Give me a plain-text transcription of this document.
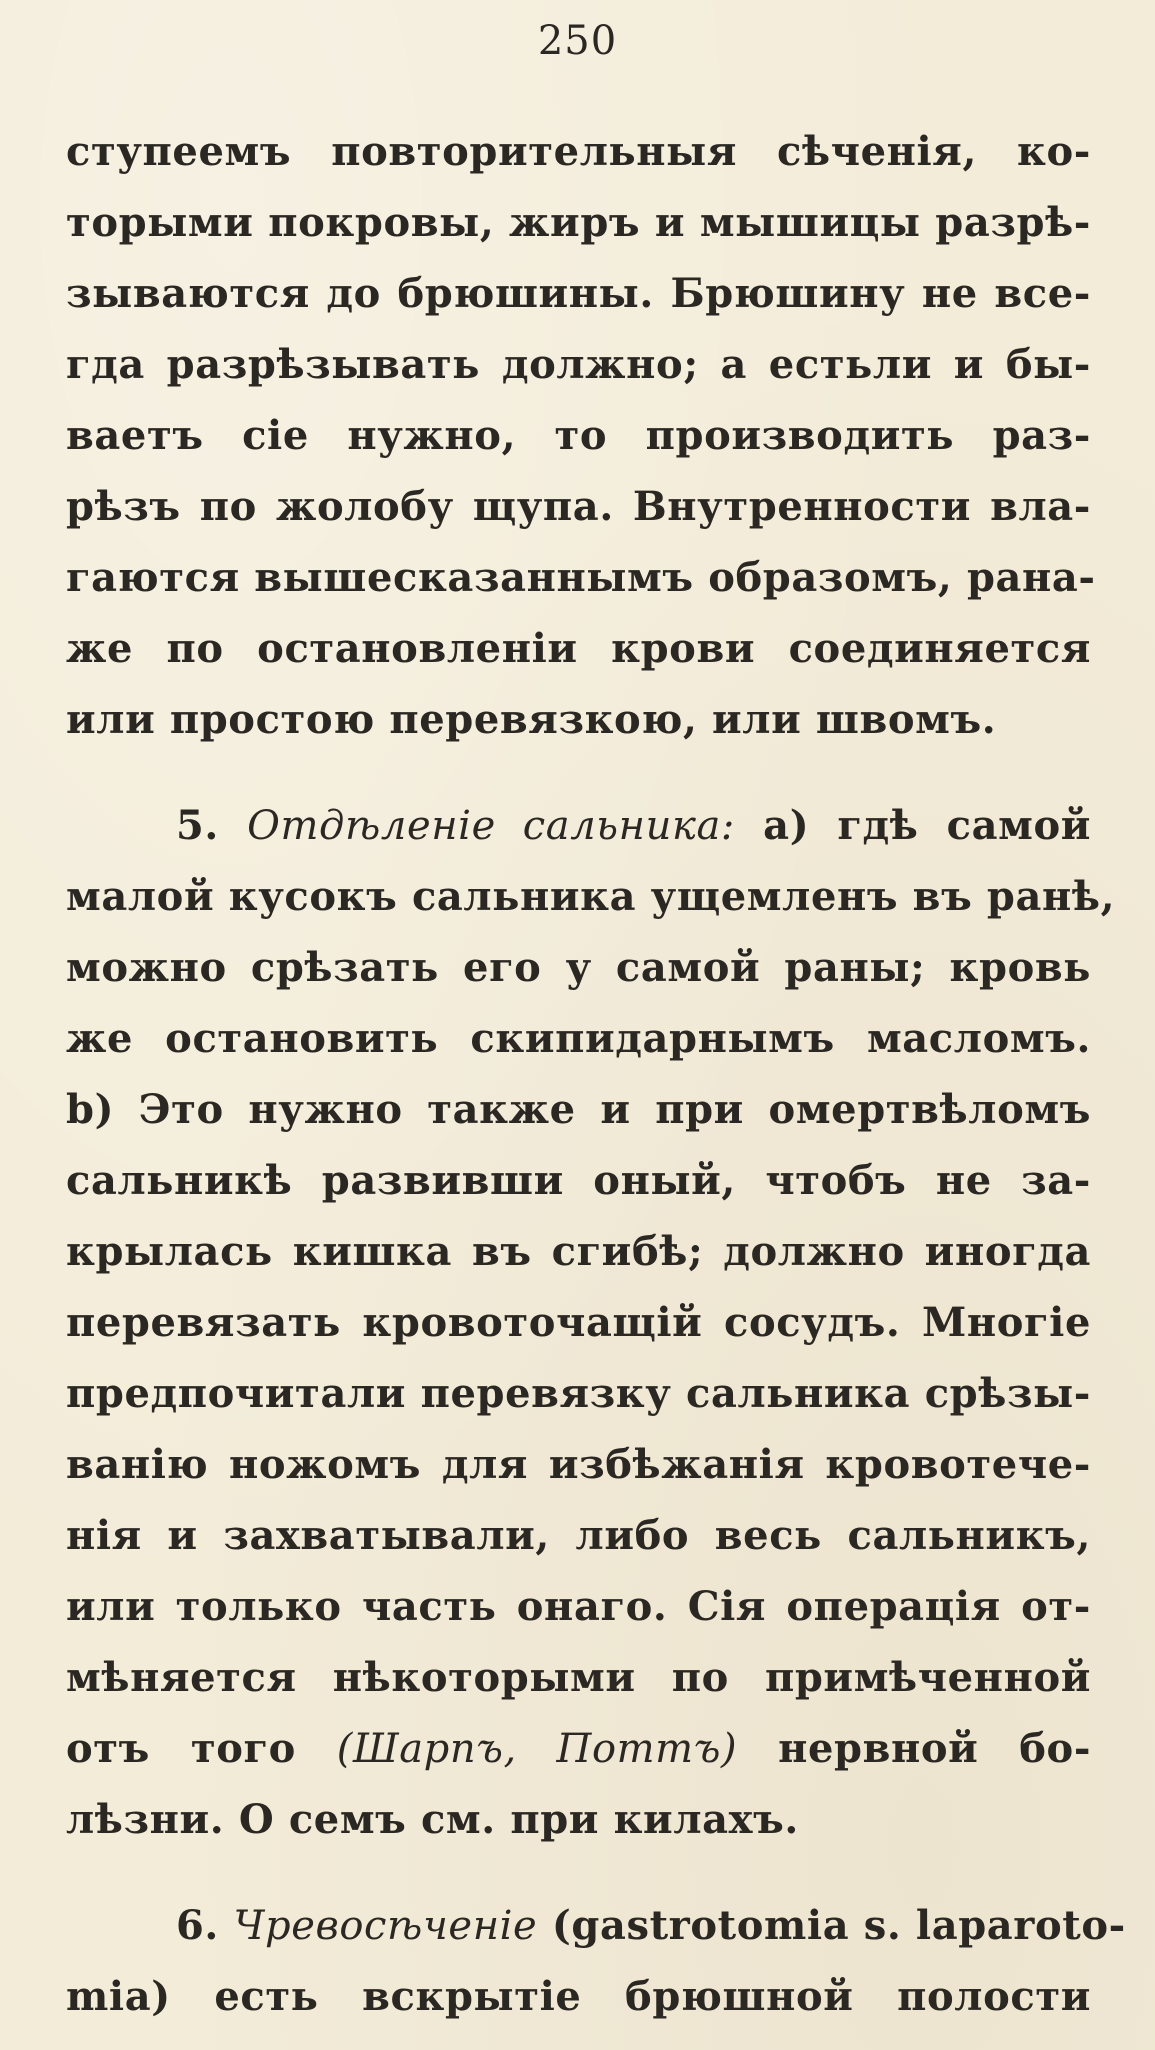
250
ступеемъ повторительныя сѣченія, ко-
торыми покровы, жиръ и мышицы разрѣ-
зываются до брюшины. Брюшину не все-
гда разрѣзывать должно; а естьли и бы-
ваетъ сіе нужно, то производить раз-
рѣзъ по жолобу щупа. Внутренности вла-
гаются вышесказаннымъ образомъ, рана-
же по остановленіи крови соединяется
или простою перевязкою, или швомъ.
5. Отдѣленіе сальника: а) гдѣ самой
малой кусокъ сальника ущемленъ въ ранѣ,
можно срѣзать его у самой раны; кровь
же остановить скипидарнымъ масломъ.
b) Это нужно также и при омертвѣломъ
сальникѣ развивши оный, чтобъ не за-
крылась кишка въ сгибѣ; должно иногда
перевязать кровоточащій сосудъ. Многіе
предпочитали перевязку сальника срѣзы-
ванію ножомъ для избѣжанія кровотече-
нія и захватывали, либо весь сальникъ,
или только часть онаго. Сія операція от-
мѣняется нѣкоторыми по примѣченной
отъ того (Шарпъ, Поттъ) нервной бо-
лѣзни. О семъ см. при килахъ.
6. Чревосѣченіе (gastrotomia s. laparoto-
mia) есть вскрытіе брюшной полости
